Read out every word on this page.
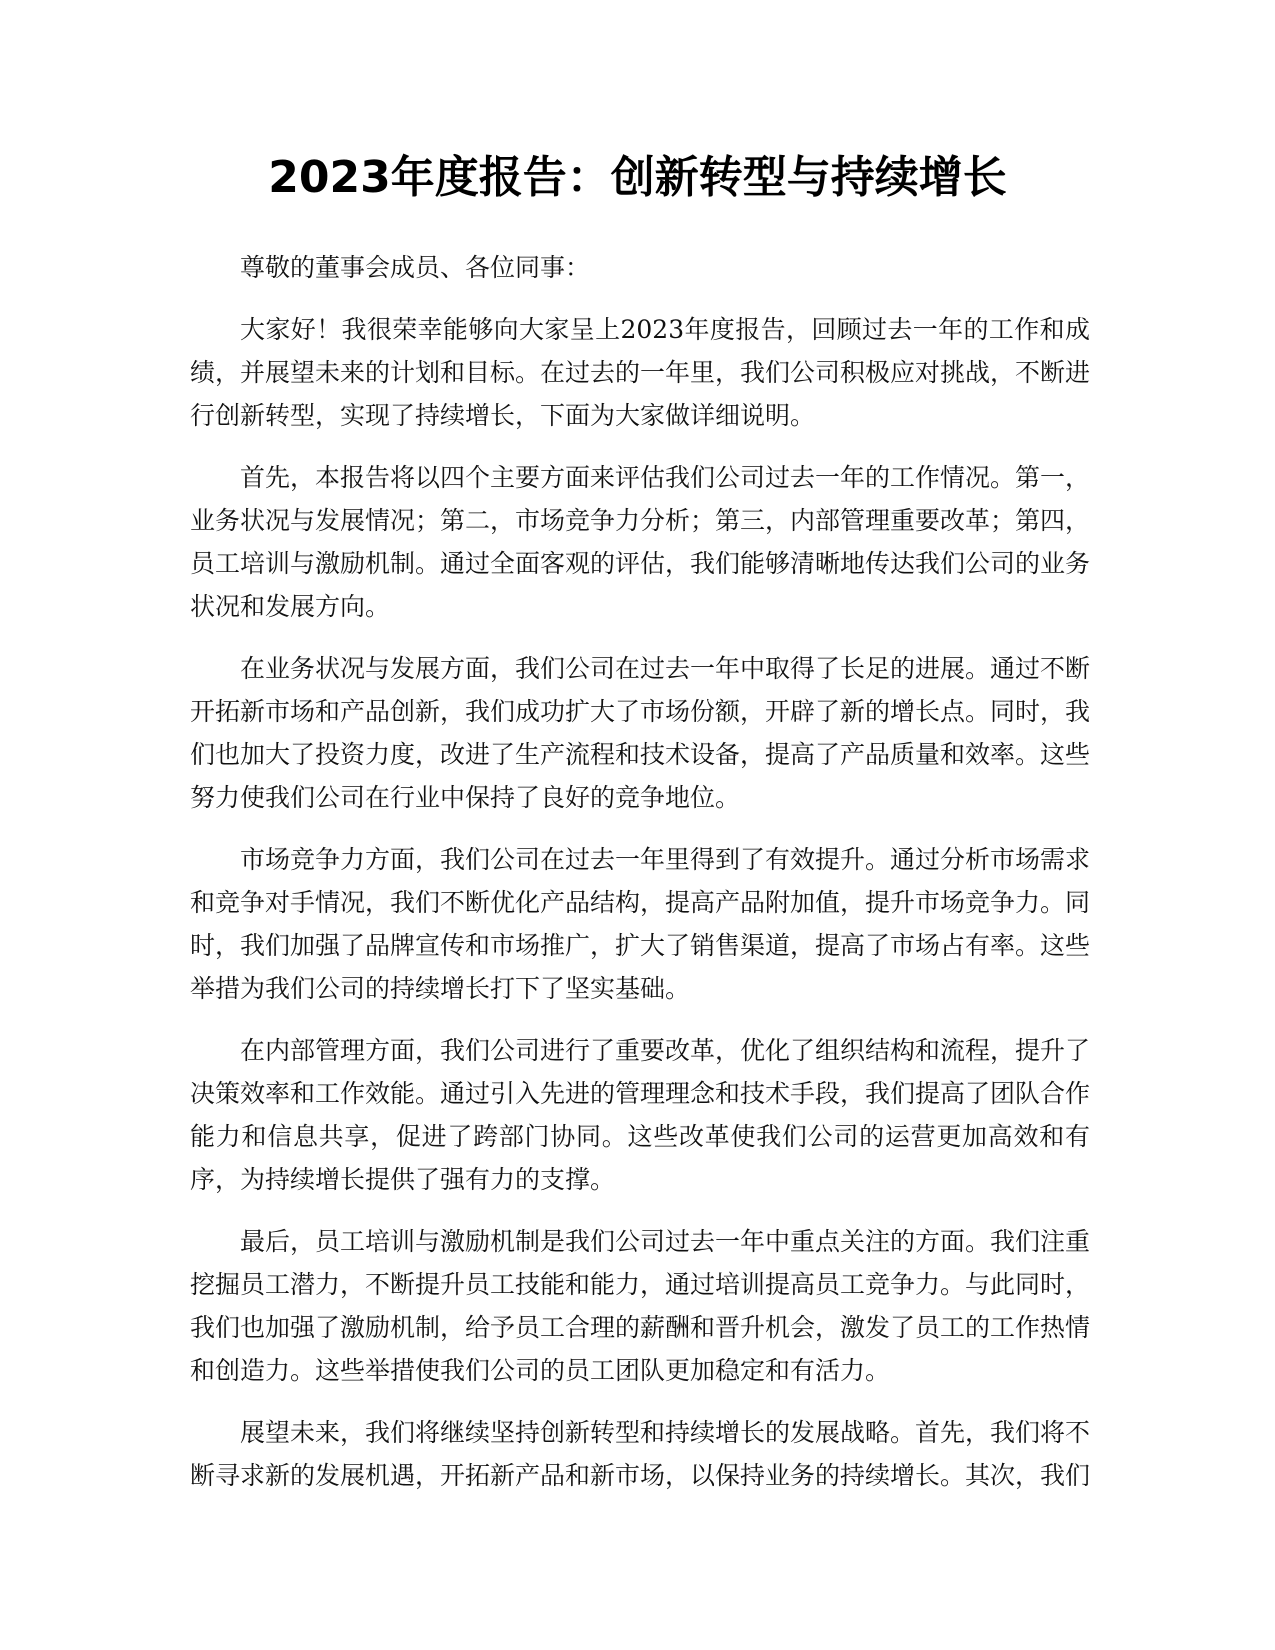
2023年度报告：创新转型与持续增长

尊敬的董事会成员、各位同事：

大家好！我很荣幸能够向大家呈上2023年度报告，回顾过去一年的工作和成绩，并展望未来的计划和目标。在过去的一年里，我们公司积极应对挑战，不断进行创新转型，实现了持续增长，下面为大家做详细说明。

首先，本报告将以四个主要方面来评估我们公司过去一年的工作情况。第一，业务状况与发展情况；第二，市场竞争力分析；第三，内部管理重要改革；第四，员工培训与激励机制。通过全面客观的评估，我们能够清晰地传达我们公司的业务状况和发展方向。

在业务状况与发展方面，我们公司在过去一年中取得了长足的进展。通过不断开拓新市场和产品创新，我们成功扩大了市场份额，开辟了新的增长点。同时，我们也加大了投资力度，改进了生产流程和技术设备，提高了产品质量和效率。这些努力使我们公司在行业中保持了良好的竞争地位。

市场竞争力方面，我们公司在过去一年里得到了有效提升。通过分析市场需求和竞争对手情况，我们不断优化产品结构，提高产品附加值，提升市场竞争力。同时，我们加强了品牌宣传和市场推广，扩大了销售渠道，提高了市场占有率。这些举措为我们公司的持续增长打下了坚实基础。

在内部管理方面，我们公司进行了重要改革，优化了组织结构和流程，提升了决策效率和工作效能。通过引入先进的管理理念和技术手段，我们提高了团队合作能力和信息共享，促进了跨部门协同。这些改革使我们公司的运营更加高效和有序，为持续增长提供了强有力的支撑。

最后，员工培训与激励机制是我们公司过去一年中重点关注的方面。我们注重挖掘员工潜力，不断提升员工技能和能力，通过培训提高员工竞争力。与此同时，我们也加强了激励机制，给予员工合理的薪酬和晋升机会，激发了员工的工作热情和创造力。这些举措使我们公司的员工团队更加稳定和有活力。

展望未来，我们将继续坚持创新转型和持续增长的发展战略。首先，我们将不断寻求新的发展机遇，开拓新产品和新市场，以保持业务的持续增长。其次，我们
